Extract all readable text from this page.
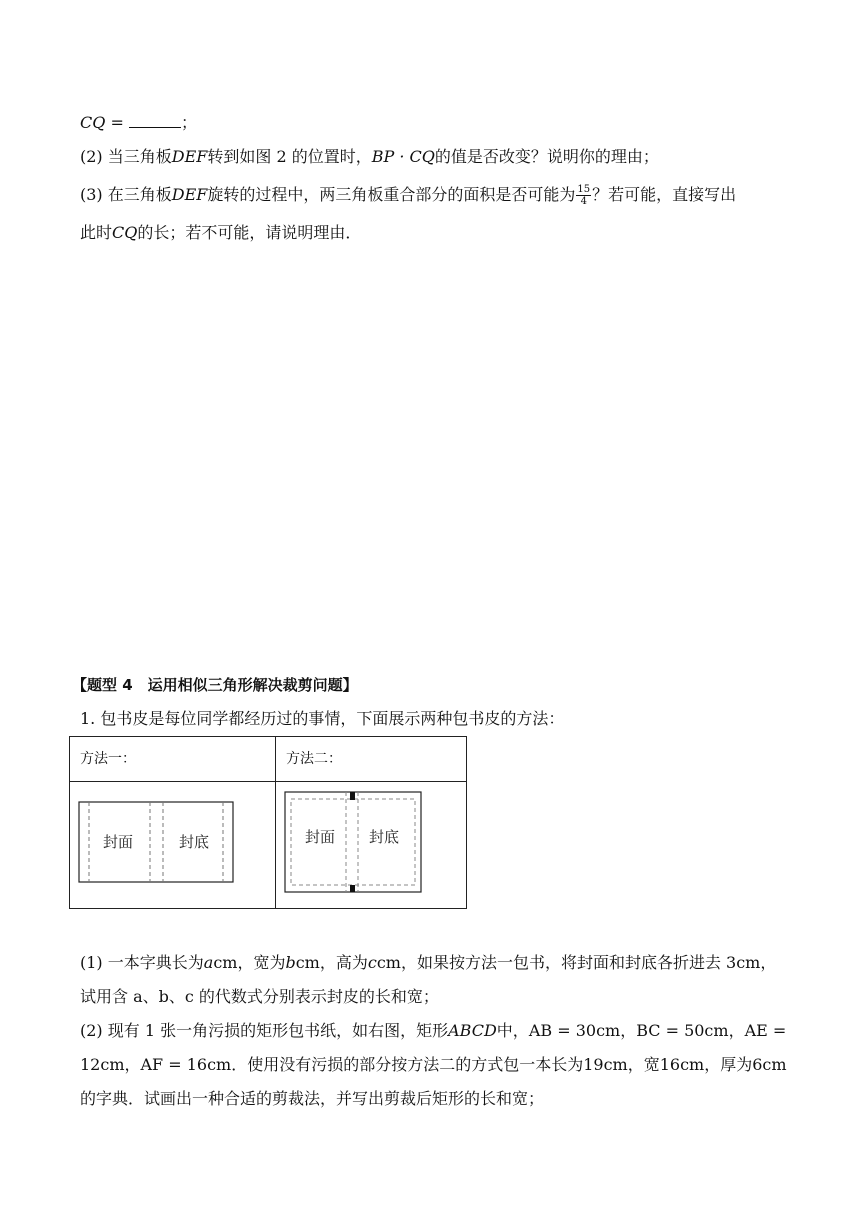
CQ =	；
(2) 当三角板DEF转到如图 2 的位置时，BP · CQ的值是否改变？说明你的理由；
(3) 在三角板DEF旋转的过程中，两三角板重合部分的面积是否可能为 $\frac{15}{4}$ ？若可能，直接写出
此时CQ的长；若不可能，请说明理由．
【题型 4　运用相似三角形解决裁剪问题】
1. 包书皮是每位同学都经历过的事情，下面展示两种包书皮的方法：
方法一：	方法二：

封面 封底	封面 封底
(1) 一本字典长为acm，宽为bcm，高为ccm，如果按方法一包书，将封面和封底各折进去 3cm，
试用含 a、b、c 的代数式分别表示封皮的长和宽；
(2) 现有 1 张一角污损的矩形包书纸，如右图，矩形ABCD中，AB = 30cm，BC = 50cm，AE =
12cm，AF = 16cm．使用没有污损的部分按方法二的方式包一本长为19cm，宽16cm，厚为6cm
的字典．试画出一种合适的剪裁法，并写出剪裁后矩形的长和宽；
